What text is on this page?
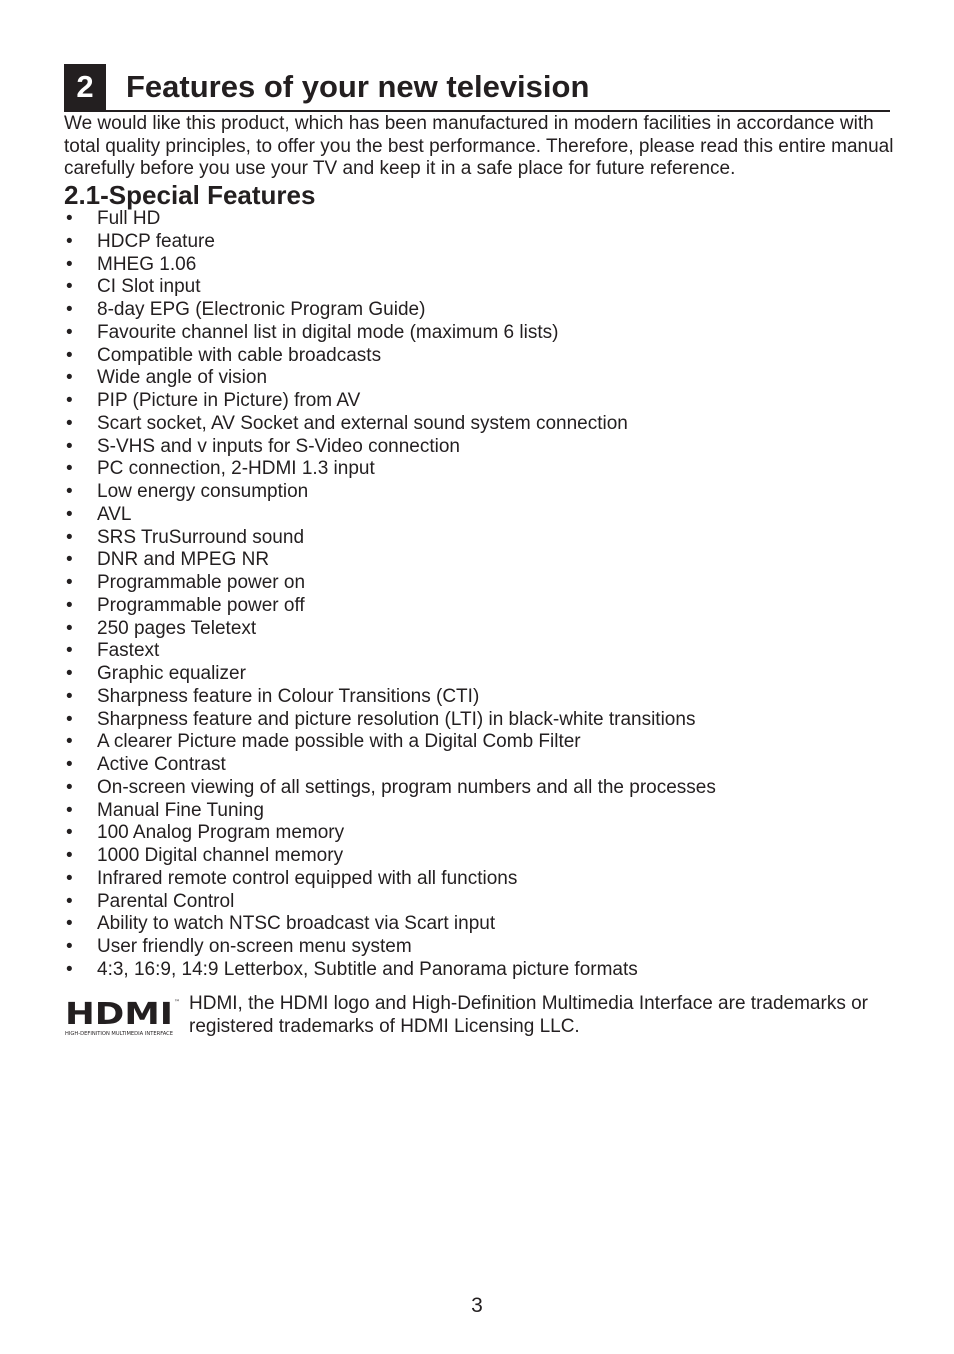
2	Features of your new television

We would like this product, which has been manufactured in modern facilities in accordance with total quality principles, to offer you the best performance. Therefore, please read this entire manual carefully before you use your TV and keep it in a safe place for future reference.

2.1-Special Features
• Full HD
• HDCP feature
• MHEG 1.06
• CI Slot input
• 8-day EPG (Electronic Program Guide)
• Favourite channel list in digital mode (maximum 6 lists)
• Compatible with cable broadcasts
• Wide angle of vision
• PIP (Picture in Picture) from AV
• Scart socket, AV Socket and external sound system connection
• S-VHS and v inputs for S-Video connection
• PC connection, 2-HDMI 1.3 input
• Low energy consumption
• AVL
• SRS TruSurround sound
• DNR and MPEG NR
• Programmable power on
• Programmable power off
• 250 pages Teletext
• Fastext
• Graphic equalizer
• Sharpness feature in Colour Transitions (CTI)
• Sharpness feature and picture resolution (LTI) in black-white transitions
• A clearer Picture made possible with a Digital Comb Filter
• Active Contrast
• On-screen viewing of all settings, program numbers and all the processes
• Manual Fine Tuning
• 100 Analog Program memory
• 1000 Digital channel memory
• Infrared remote control equipped with all functions
• Parental Control
• Ability to watch NTSC broadcast via Scart input
• User friendly on-screen menu system
• 4:3, 16:9, 14:9 Letterbox, Subtitle and Panorama picture formats
HDMI ™
HIGH-DEFINITION MULTIMEDIA INTERFACE
HDMI, the HDMI logo and High-Definition Multimedia Interface are trademarks or registered trademarks of HDMI Licensing LLC.
3
